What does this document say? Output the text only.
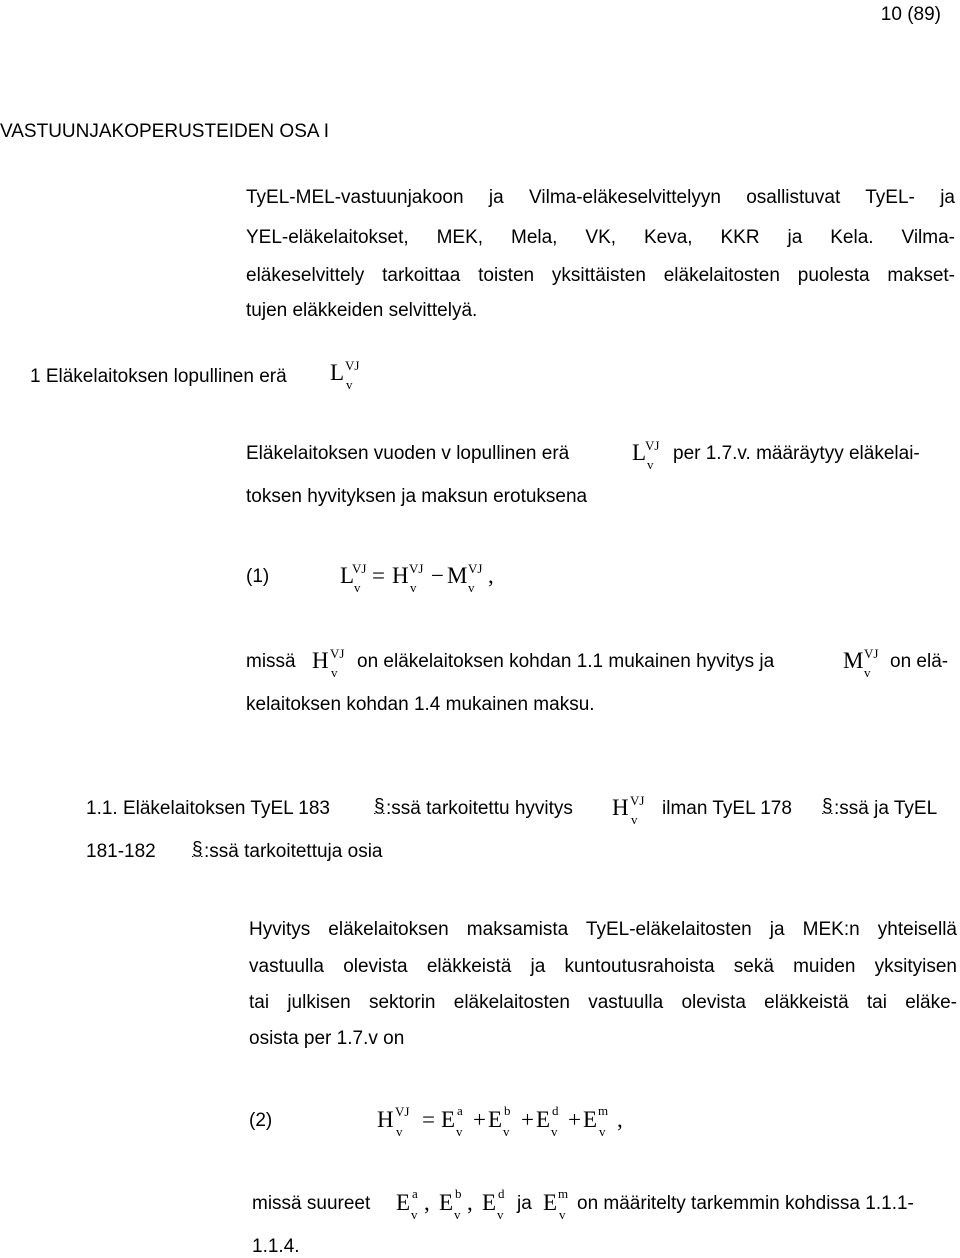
10 (89)
VASTUUNJAKOPERUSTEIDEN OSA I
TyEL-MEL-vastuunjakoon ja Vilma-eläkeselvittelyyn osallistuvat TyEL- ja
YEL-eläkelaitokset, MEK, Mela, VK, Keva, KKR ja Kela. Vilma-
eläkeselvittely tarkoittaa toisten yksittäisten eläkelaitosten puolesta makset-
tujen eläkkeiden selvittelyä.
1 Eläkelaitoksen lopullinen erä L VJ
v
Eläkelaitoksen vuoden v lopullinen erä	L
VJ
v
per 1.7.v. määräytyy eläkelai-
toksen hyvityksen ja maksun erotuksena
(1)	L
VJ
v = H VJ
v − M VJ
v ,
missä H VJ
v
on eläkelaitoksen kohdan 1.1 mukainen hyvitys ja	M VJ
v
on elä-
kelaitoksen kohdan 1.4 mukainen maksu.
1.1. Eläkelaitoksen TyEL 183 § :ssä tarkoitettu hyvitys H VJ
v
ilman TyEL 178 § :ssä ja TyEL
181-182 § :ssä tarkoitettuja osia
Hyvitys eläkelaitoksen maksamista TyEL-eläkelaitosten ja MEK:n yhteisellä
vastuulla olevista eläkkeistä ja kuntoutusrahoista sekä muiden yksityisen
tai julkisen sektorin eläkelaitosten vastuulla olevista eläkkeistä tai eläke-
osista per 1.7.v on
(2)	H VJ
v = E a
v + E b
v + E d
v + E m
v ,
missä suureet E a
v , E b
v , E d
v
ja E m
v
on määritelty tarkemmin kohdissa 1.1.1-
1.1.4.
